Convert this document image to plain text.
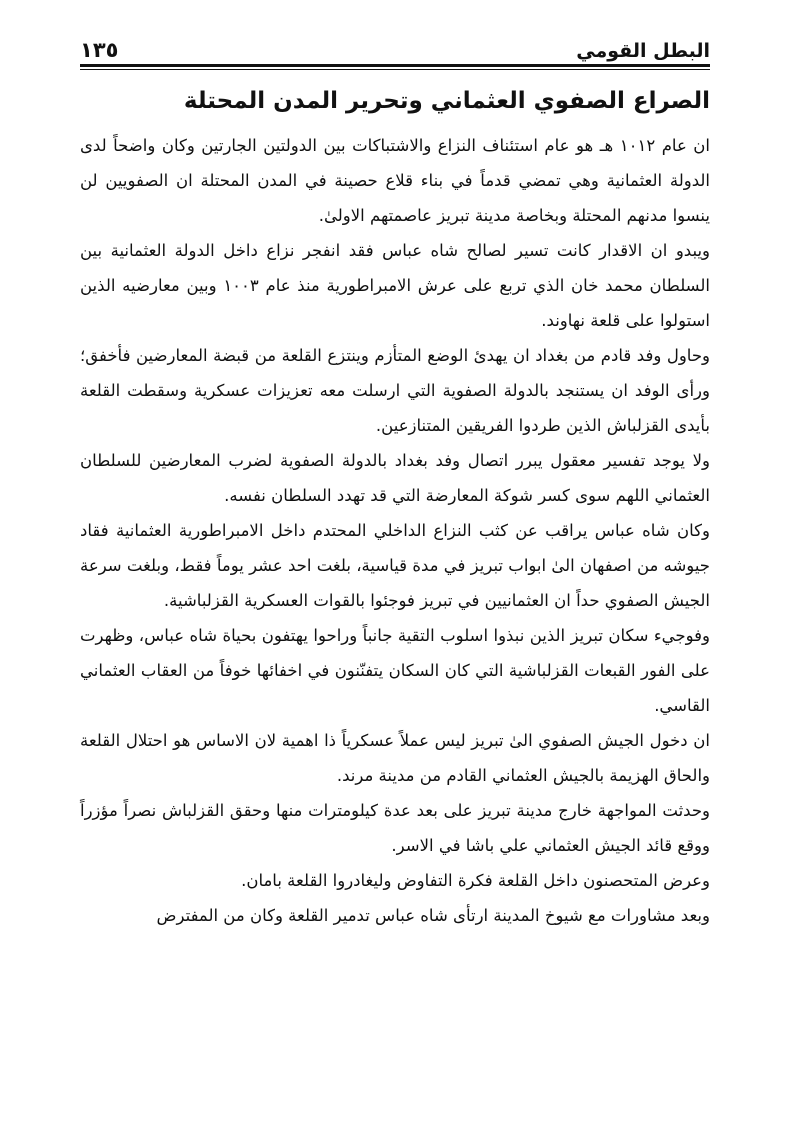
البطل القومي
١٣٥
الصراع الصفوي العثماني وتحرير المدن المحتلة

ان عام ١٠١٢ هـ هو عام استئناف النزاع والاشتباكات بين الدولتين الجارتين وكان واضحاً لدى الدولة العثمانية وهي تمضي قدماً في بناء قلاع حصينة في المدن المحتلة ان الصفويين لن ينسوا مدنهم المحتلة وبخاصة مدينة تبريز عاصمتهم الاولىٰ.

ويبدو ان الاقدار كانت تسير لصالح شاه عباس فقد انفجر نزاع داخل الدولة العثمانية بين السلطان محمد خان الذي تربع على عرش الامبراطورية منذ عام ١٠٠٣ وبين معارضيه الذين استولوا على قلعة نهاوند.

وحاول وفد قادم من بغداد ان يهدئ الوضع المتأزم وينتزع القلعة من قبضة المعارضين فأخفق؛ ورأى الوفد ان يستنجد بالدولة الصفوية التي ارسلت معه تعزيزات عسكرية وسقطت القلعة بأيدى القزلباش الذين طردوا الفريقين المتنازعين.

ولا يوجد تفسير معقول يبرر اتصال وفد بغداد بالدولة الصفوية لضرب المعارضين للسلطان العثماني اللهم سوى كسر شوكة المعارضة التي قد تهدد السلطان نفسه.

وكان شاه عباس يراقب عن كثب النزاع الداخلي المحتدم داخل الامبراطورية العثمانية فقاد جيوشه من اصفهان الىٰ ابواب تبريز في مدة قياسية، بلغت احد عشر يوماً فقط، وبلغت سرعة الجيش الصفوي حداً ان العثمانيين في تبريز فوجئوا بالقوات العسكرية القزلباشية.

وفوجيء سكان تبريز الذين نبذوا اسلوب التقية جانباً وراحوا يهتفون بحياة شاه عباس، وظهرت على الفور القبعات القزلباشية التي كان السكان يتفنّنون في اخفائها خوفاً من العقاب العثماني القاسي.

ان دخول الجيش الصفوي الىٰ تبريز ليس عملاً عسكرياً ذا اهمية لان الاساس هو احتلال القلعة والحاق الهزيمة بالجيش العثماني القادم من مدينة مرند.

وحدثت المواجهة خارج مدينة تبريز على بعد عدة كيلومترات منها وحقق القزلباش نصراً مؤزراً ووقع قائد الجيش العثماني علي باشا في الاسر.

وعرض المتحصنون داخل القلعة فكرة التفاوض وليغادروا القلعة بامان.

وبعد مشاورات مع شيوخ المدينة ارتأى شاه عباس تدمير القلعة وكان من المفترض
